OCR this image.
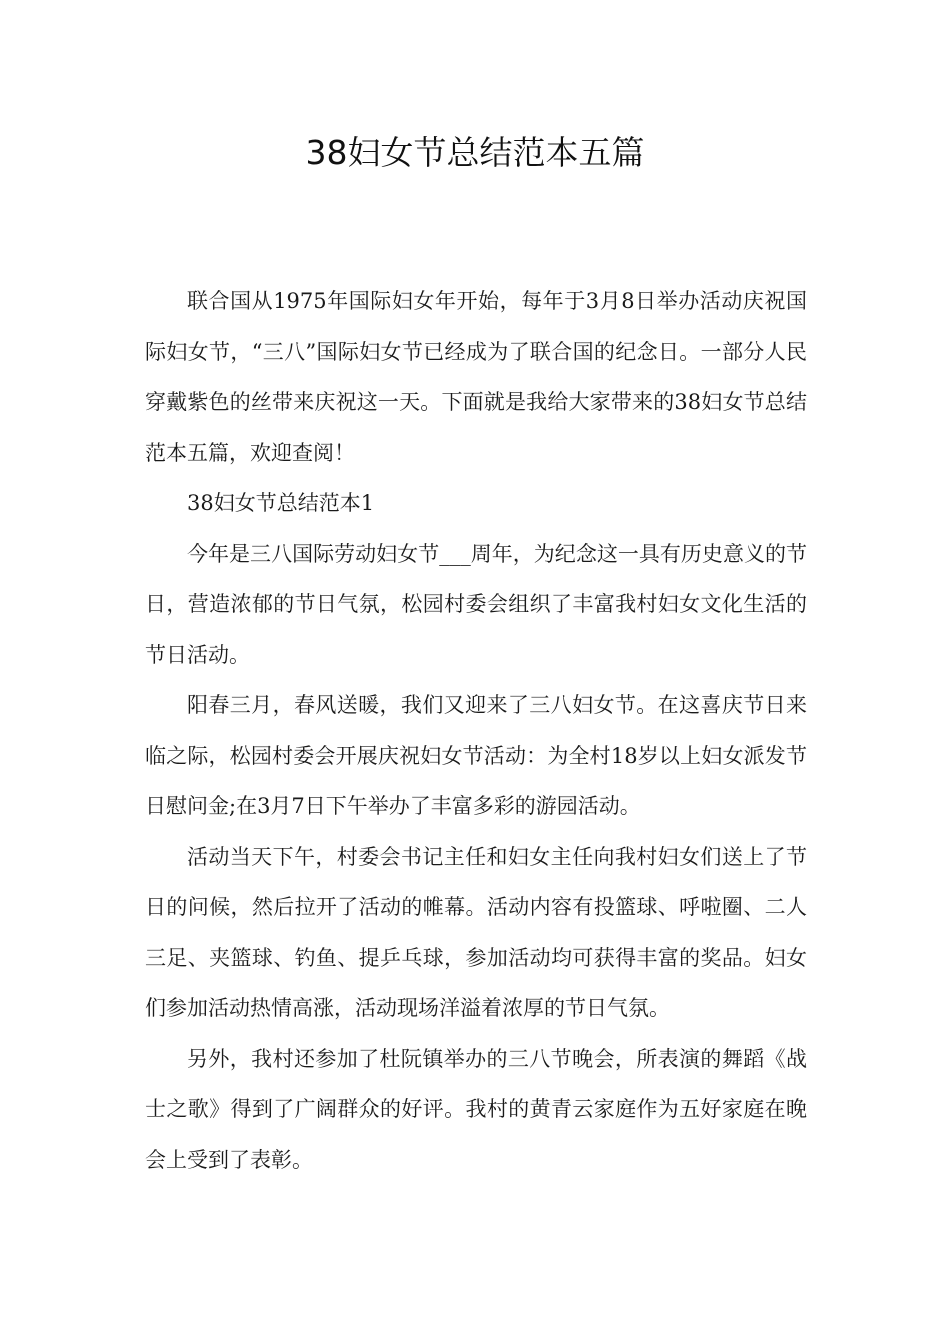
38妇女节总结范本五篇

联合国从1975年国际妇女年开始，每年于3月8日举办活动庆祝国际妇女节，“三八”国际妇女节已经成为了联合国的纪念日。一部分人民穿戴紫色的丝带来庆祝这一天。下面就是我给大家带来的38妇女节总结范本五篇，欢迎查阅！

38妇女节总结范本1

今年是三八国际劳动妇女节___周年，为纪念这一具有历史意义的节日，营造浓郁的节日气氛，松园村委会组织了丰富我村妇女文化生活的节日活动。

阳春三月，春风送暖，我们又迎来了三八妇女节。在这喜庆节日来临之际，松园村委会开展庆祝妇女节活动：为全村18岁以上妇女派发节日慰问金;在3月7日下午举办了丰富多彩的游园活动。

活动当天下午，村委会书记主任和妇女主任向我村妇女们送上了节日的问候，然后拉开了活动的帷幕。活动内容有投篮球、呼啦圈、二人三足、夹篮球、钓鱼、提乒乓球，参加活动均可获得丰富的奖品。妇女们参加活动热情高涨，活动现场洋溢着浓厚的节日气氛。

另外，我村还参加了杜阮镇举办的三八节晚会，所表演的舞蹈《战士之歌》得到了广阔群众的好评。我村的黄青云家庭作为五好家庭在晚会上受到了表彰。
